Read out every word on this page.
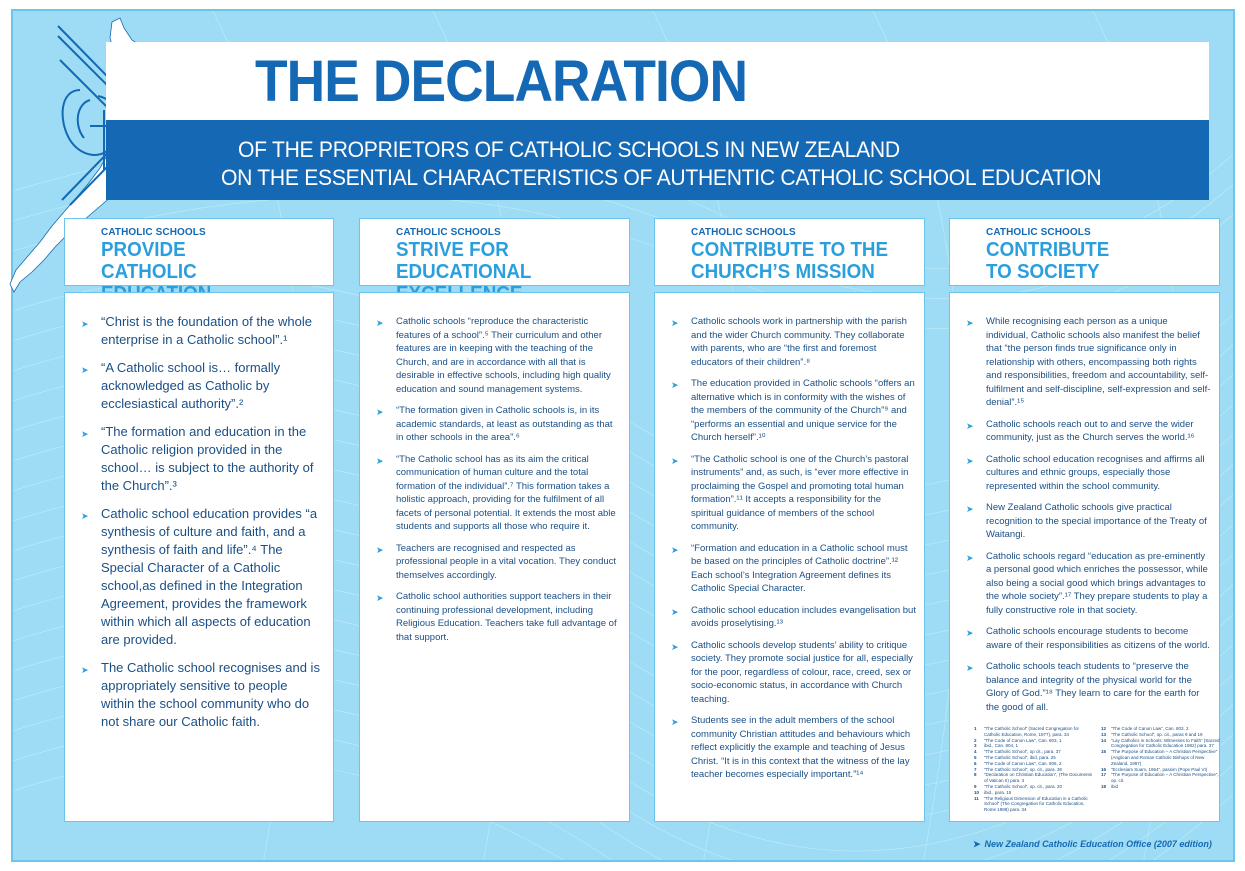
THE DECLARATION
OF THE PROPRIETORS OF CATHOLIC SCHOOLS IN NEW ZEALAND
ON THE ESSENTIAL CHARACTERISTICS OF AUTHENTIC CATHOLIC SCHOOL EDUCATION
CATHOLIC SCHOOLS
PROVIDE CATHOLIC
➤ “Christ is the foundation of the whole enterprise in a Catholic school”.¹
➤ “A Catholic school is… formally acknowledged as Catholic by ecclesiastical authority”.²
➤ “The formation and education in the Catholic religion provided in the school… is subject to the authority of the Church”.³
➤ Catholic school education provides “a synthesis of culture and faith, and a synthesis of faith and life”.⁴ The Special Character of a Catholic school,as defined in the Integration Agreement, provides the framework within which all aspects of education are provided.
➤ The Catholic school recognises and is appropriately sensitive to people within the school community who do not share our Catholic faith.
CATHOLIC SCHOOLS
STRIVE FOR EDUCATIONAL
➤ Catholic schools “reproduce the characteristic features of a school”.⁵ Their curriculum and other features are in keeping with the teaching of the Church, and are in accordance with all that is desirable in effective schools, including high quality education and sound management systems.
➤ “The formation given in Catholic schools is, in its academic standards, at least as outstanding as that in other schools in the area”.⁶
➤ “The Catholic school has as its aim the critical communication of human culture and the total formation of the individual”.⁷ This formation takes a holistic approach, providing for the fulfilment of all facets of personal potential. It extends the most able students and supports all those who require it.
➤ Teachers are recognised and respected as professional people in a vital vocation. They conduct themselves accordingly.
➤ Catholic school authorities support teachers in their continuing professional development, including Religious Education. Teachers take full advantage of that support.
CATHOLIC SCHOOLS
CONTRIBUTE TO THE CHURCH’S MISSION
➤ Catholic schools work in partnership with the parish and the wider Church community. They collaborate with parents, who are “the first and foremost educators of their children”.⁸
➤ The education provided in Catholic schools “offers an alternative which is in conformity with the wishes of the members of the community of the Church”⁹ and “performs an essential and unique service for the Church herself”.¹⁰
➤ “The Catholic school is one of the Church’s pastoral instruments” and, as such, is “ever more effective in proclaiming the Gospel and promoting total human formation”.¹¹ It accepts a responsibility for the spiritual guidance of members of the school community.
➤ “Formation and education in a Catholic school must be based on the principles of Catholic doctrine”.¹² Each school’s Integration Agreement defines its Catholic Special Character.
➤ Catholic school education includes evangelisation but avoids proselytising.¹³
➤ Catholic schools develop students’ ability to critique society. They promote social justice for all, especially for the poor, regardless of colour, race, creed, sex or socio-economic status, in accordance with Church teaching.
➤ Students see in the adult members of the school community Christian attitudes and behaviours which reflect explicitly the example and teaching of Jesus Christ. “It is in this context that the witness of the lay teacher becomes especially important.”¹⁴
CATHOLIC SCHOOLS
CONTRIBUTE TO SOCIETY
➤ While recognising each person as a unique individual, Catholic schools also manifest the belief that “the person finds true significance only in relationship with others, encompassing both rights and responsibilities, freedom and accountability, self-fulfilment and self-discipline, self-expression and self-denial”.¹⁵
➤ Catholic schools reach out to and serve the wider community, just as the Church serves the world.¹⁶
➤ Catholic school education recognises and affirms all cultures and ethnic groups, especially those represented within the school community.
➤ New Zealand Catholic schools give practical recognition to the special importance of the Treaty of Waitangi.
➤ Catholic schools regard “education as pre-eminently a personal good which enriches the possessor, while also being a social good which brings advantages to the whole society”.¹⁷ They prepare students to play a fully constructive role in that society.
➤ Catholic schools encourage students to become aware of their responsibilities as citizens of the world.
➤ Catholic schools teach students to “preserve the balance and integrity of the physical world for the Glory of God.”¹⁸ They learn to care for the earth for the good of all.
1	“The Catholic School” (Sacred Congregation for Catholic Education, Rome, 1977), para. 34
2	“The Code of Canon Law”, Can. 803, 1
3	ibid., Can. 804, 1
4	“The Catholic School”, op cit., para. 37
5	“The Catholic School”, ibid, para. 25
6	“The Code of Canon Law”, Can. 806, 2
7	“The Catholic School”, op. cit., para. 36
8	“Declaration on Christian Education”, (The Documents of Vatican II) para. 3
9	“The Catholic School”, op. cit., para. 20
10	ibid., para. 15
11	“The Religious Dimension of Education in a Catholic School” (The Congregation for Catholic Education, Rome 1988) para. 34
12	“The Code of Canon Law”, Can. 803, 2
13	“The Catholic School”, op. cit., paras 9 and 19
14	“Lay Catholics in Schools: Witnesses to Faith” (Sacred Congregation for Catholic Education 1982) para. 37
15	“The Purpose of Education – A Christian Perspective” (Anglican and Roman Catholic Bishops of New Zealand, 1997)
16	“Ecclesiam Suam, 1964”, passim (Pope Paul VI)
17	“The Purpose of Education – A Christian Perspective”, op. cit.
18	ibid
➤ New Zealand Catholic Education Office (2007 edition)
